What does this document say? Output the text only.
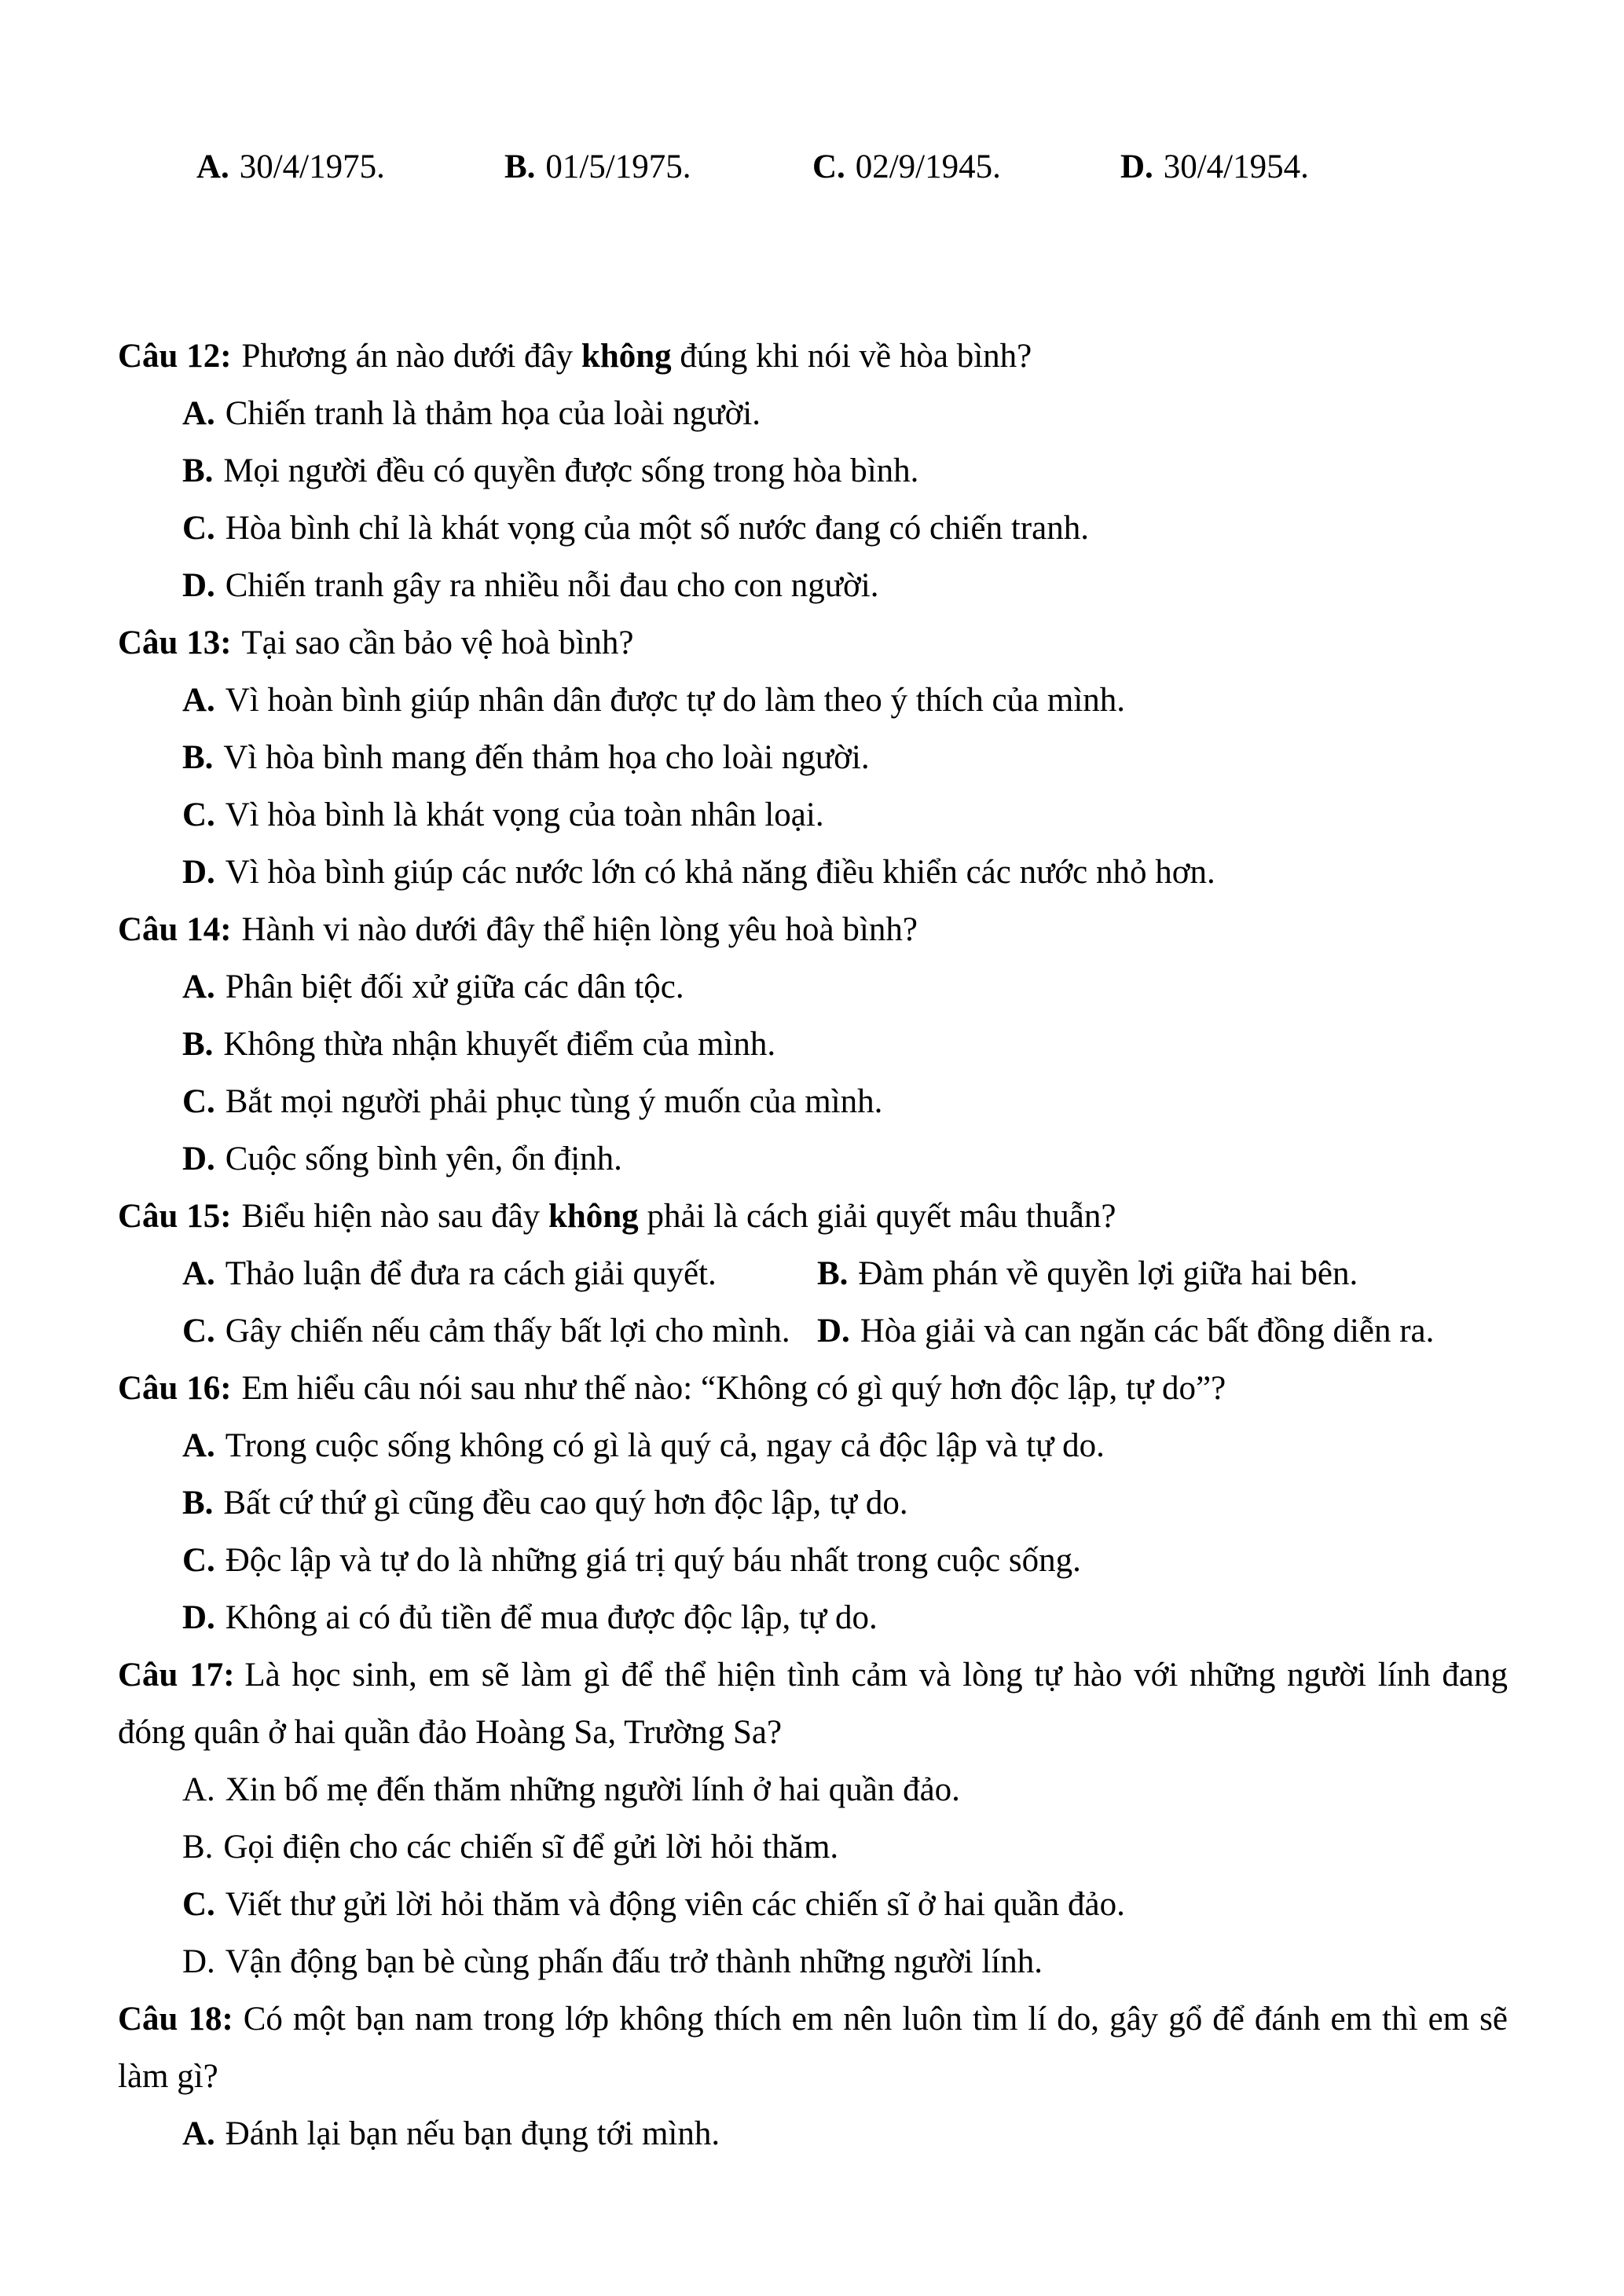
A. 30/4/1975.	B. 01/5/1975.	C. 02/9/1945.	D. 30/4/1954.

Câu 12: Phương án nào dưới đây không đúng khi nói về hòa bình?

A. Chiến tranh là thảm họa của loài người.

B. Mọi người đều có quyền được sống trong hòa bình.

C. Hòa bình chỉ là khát vọng của một số nước đang có chiến tranh.

D. Chiến tranh gây ra nhiều nỗi đau cho con người.

Câu 13: Tại sao cần bảo vệ hoà bình?

A. Vì hoàn bình giúp nhân dân được tự do làm theo ý thích của mình.

B. Vì hòa bình mang đến thảm họa cho loài người.

C. Vì hòa bình là khát vọng của toàn nhân loại.

D. Vì hòa bình giúp các nước lớn có khả năng điều khiển các nước nhỏ hơn.

Câu 14: Hành vi nào dưới đây thể hiện lòng yêu hoà bình?

A. Phân biệt đối xử giữa các dân tộc.

B. Không thừa nhận khuyết điểm của mình.

C. Bắt mọi người phải phục tùng ý muốn của mình.

D. Cuộc sống bình yên, ổn định.

Câu 15: Biểu hiện nào sau đây không phải là cách giải quyết mâu thuẫn?

A. Thảo luận để đưa ra cách giải quyết.	B. Đàm phán về quyền lợi giữa hai bên.
C. Gây chiến nếu cảm thấy bất lợi cho mình. D. Hòa giải và can ngăn các bất đồng diễn ra.

Câu 16: Em hiểu câu nói sau như thế nào: “Không có gì quý hơn độc lập, tự do”?

A. Trong cuộc sống không có gì là quý cả, ngay cả độc lập và tự do.

B. Bất cứ thứ gì cũng đều cao quý hơn độc lập, tự do.

C. Độc lập và tự do là những giá trị quý báu nhất trong cuộc sống.

D. Không ai có đủ tiền để mua được độc lập, tự do.

Câu 17: Là học sinh, em sẽ làm gì để thể hiện tình cảm và lòng tự hào với những người lính đang đóng quân ở hai quần đảo Hoàng Sa, Trường Sa?

A. Xin bố mẹ đến thăm những người lính ở hai quần đảo.

B. Gọi điện cho các chiến sĩ để gửi lời hỏi thăm.

C. Viết thư gửi lời hỏi thăm và động viên các chiến sĩ ở hai quần đảo.

D. Vận động bạn bè cùng phấn đấu trở thành những người lính.

Câu 18: Có một bạn nam trong lớp không thích em nên luôn tìm lí do, gây gổ để đánh em thì em sẽ làm gì?

A. Đánh lại bạn nếu bạn đụng tới mình.
